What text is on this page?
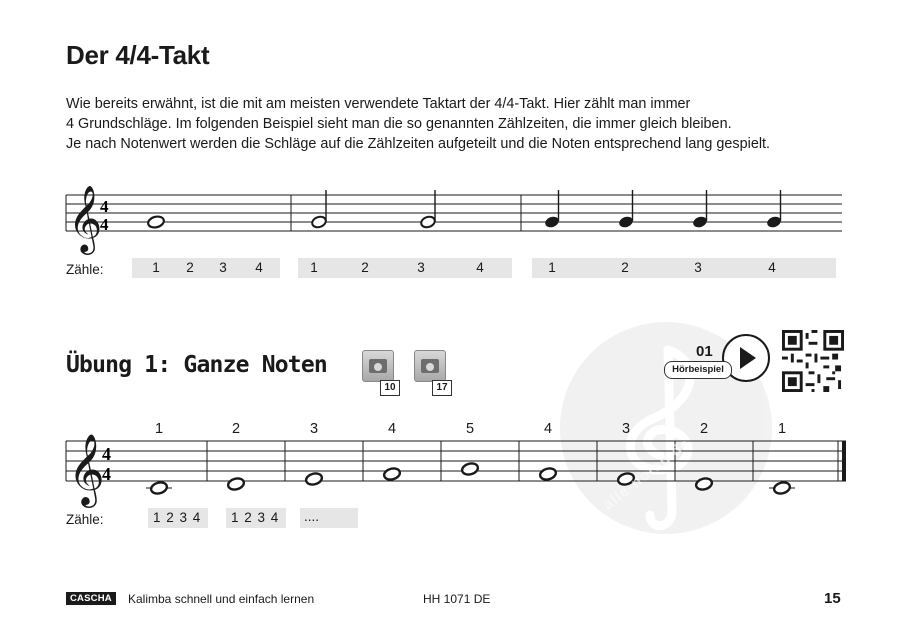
Der 4/4-Takt

Wie bereits erwähnt, ist die mit am meisten verwendete Taktart der 4/4-Takt. Hier zählt man immer

4 Grundschläge. Im folgenden Beispiel sieht man die so genannten Zählzeiten, die immer gleich bleiben.

Je nach Notenwert werden die Schläge auf die Zählzeiten aufgeteilt und die Noten entsprechend lang gespielt.

𝄞
4
4
𝄞
4
4
Zähle:	1 2 3 4	1	2	3	4	1	2	3	4
Übung 1: Ganze Noten
10	17
01
Hörbeispiel
1	2	3	4	5	4	3	2	1
Zähle:	1 2 3 4	1 2 3 4	....
CASCHA	Kalimba schnell und einfach lernen	HH 1071 DE	15
alle-noten.de
